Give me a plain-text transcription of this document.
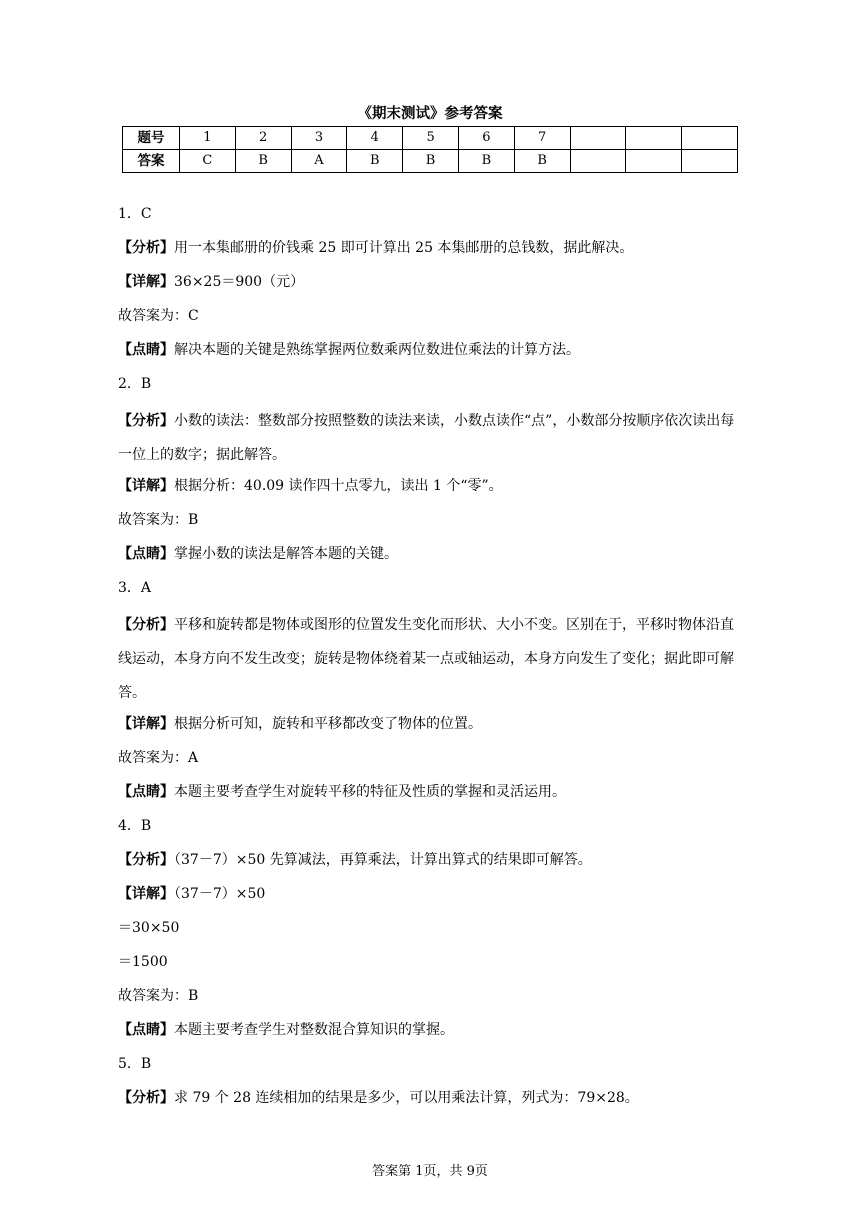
《期末测试》参考答案
题号	1	2	3	4	5	6	7			
答案	C	B	A	B	B	B	B			
1．C
【分析】用一本集邮册的价钱乘 25 即可计算出 25 本集邮册的总钱数，据此解决。
【详解】36×25＝900（元）
故答案为：C
【点睛】解决本题的关键是熟练掌握两位数乘两位数进位乘法的计算方法。
2．B
【分析】小数的读法：整数部分按照整数的读法来读，小数点读作“点”，小数部分按顺序依次读出每一位上的数字；据此解答。
【详解】根据分析：40.09 读作四十点零九，读出 1 个“零”。
故答案为：B
【点睛】掌握小数的读法是解答本题的关键。
3．A
【分析】平移和旋转都是物体或图形的位置发生变化而形状、大小不变。区别在于，平移时物体沿直线运动，本身方向不发生改变；旋转是物体绕着某一点或轴运动，本身方向发生了变化；据此即可解答。
【详解】根据分析可知，旋转和平移都改变了物体的位置。
故答案为：A
【点睛】本题主要考查学生对旋转平移的特征及性质的掌握和灵活运用。
4．B
【分析】（37－7）×50 先算减法，再算乘法，计算出算式的结果即可解答。
【详解】（37－7）×50
＝30×50
＝1500
故答案为：B
【点睛】本题主要考查学生对整数混合算知识的掌握。
5．B
【分析】求 79 个 28 连续相加的结果是多少，可以用乘法计算，列式为：79×28。
答案第 1页，共 9页
